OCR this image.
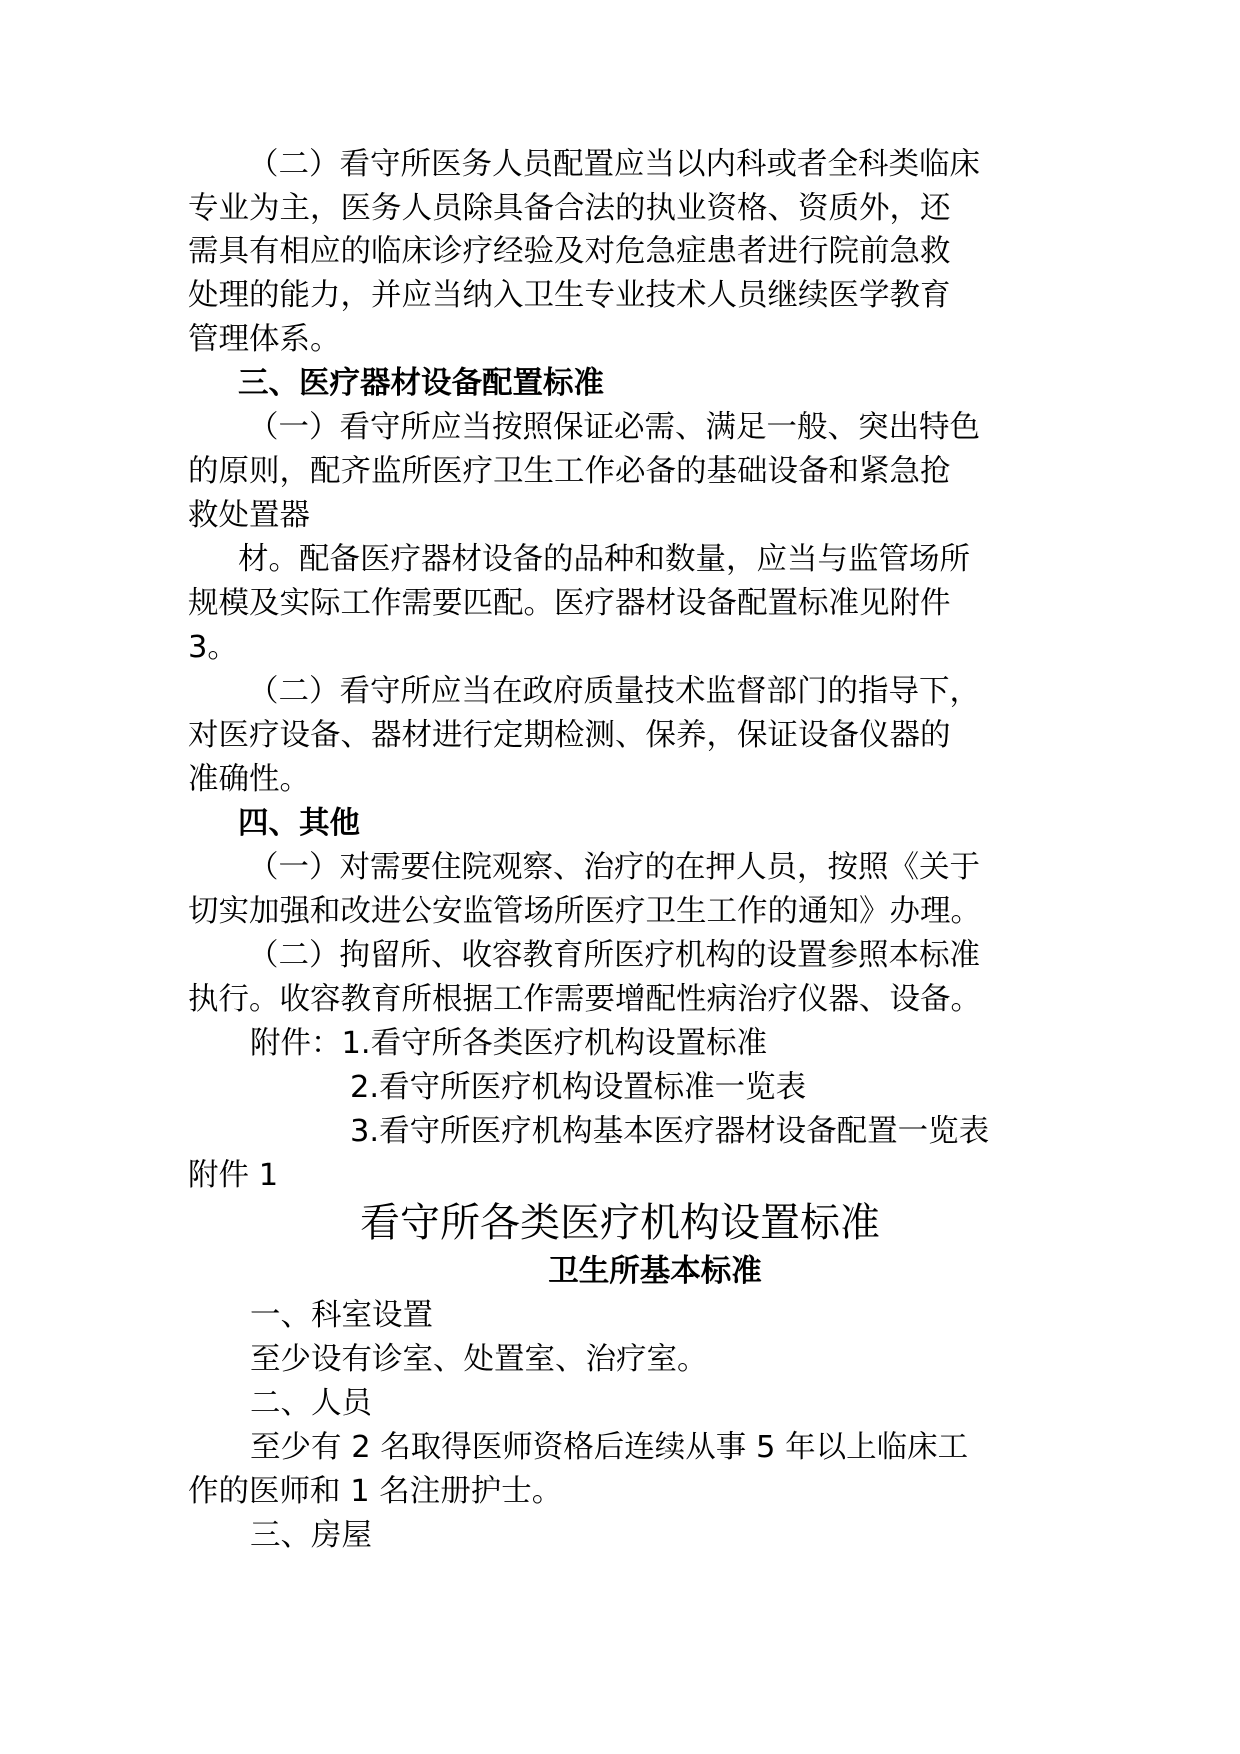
（二）看守所医务人员配置应当以内科或者全科类临床
专业为主，医务人员除具备合法的执业资格、资质外，还
需具有相应的临床诊疗经验及对危急症患者进行院前急救
处理的能力，并应当纳入卫生专业技术人员继续医学教育
管理体系。
三、医疗器材设备配置标准
（一）看守所应当按照保证必需、满足一般、突出特色
的原则，配齐监所医疗卫生工作必备的基础设备和紧急抢
救处置器
材。配备医疗器材设备的品种和数量，应当与监管场所
规模及实际工作需要匹配。医疗器材设备配置标准见附件
3。
（二）看守所应当在政府质量技术监督部门的指导下，
对医疗设备、器材进行定期检测、保养，保证设备仪器的
准确性。
四、其他
（一）对需要住院观察、治疗的在押人员，按照《关于
切实加强和改进公安监管场所医疗卫生工作的通知》办理。
（二）拘留所、收容教育所医疗机构的设置参照本标准
执行。收容教育所根据工作需要增配性病治疗仪器、设备。
附件：1.看守所各类医疗机构设置标准
2.看守所医疗机构设置标准一览表
3.看守所医疗机构基本医疗器材设备配置一览表
附件 1
看守所各类医疗机构设置标准
卫生所基本标准
一、科室设置
至少设有诊室、处置室、治疗室。
二、人员
至少有 2 名取得医师资格后连续从事 5 年以上临床工
作的医师和 1 名注册护士。
三、房屋
